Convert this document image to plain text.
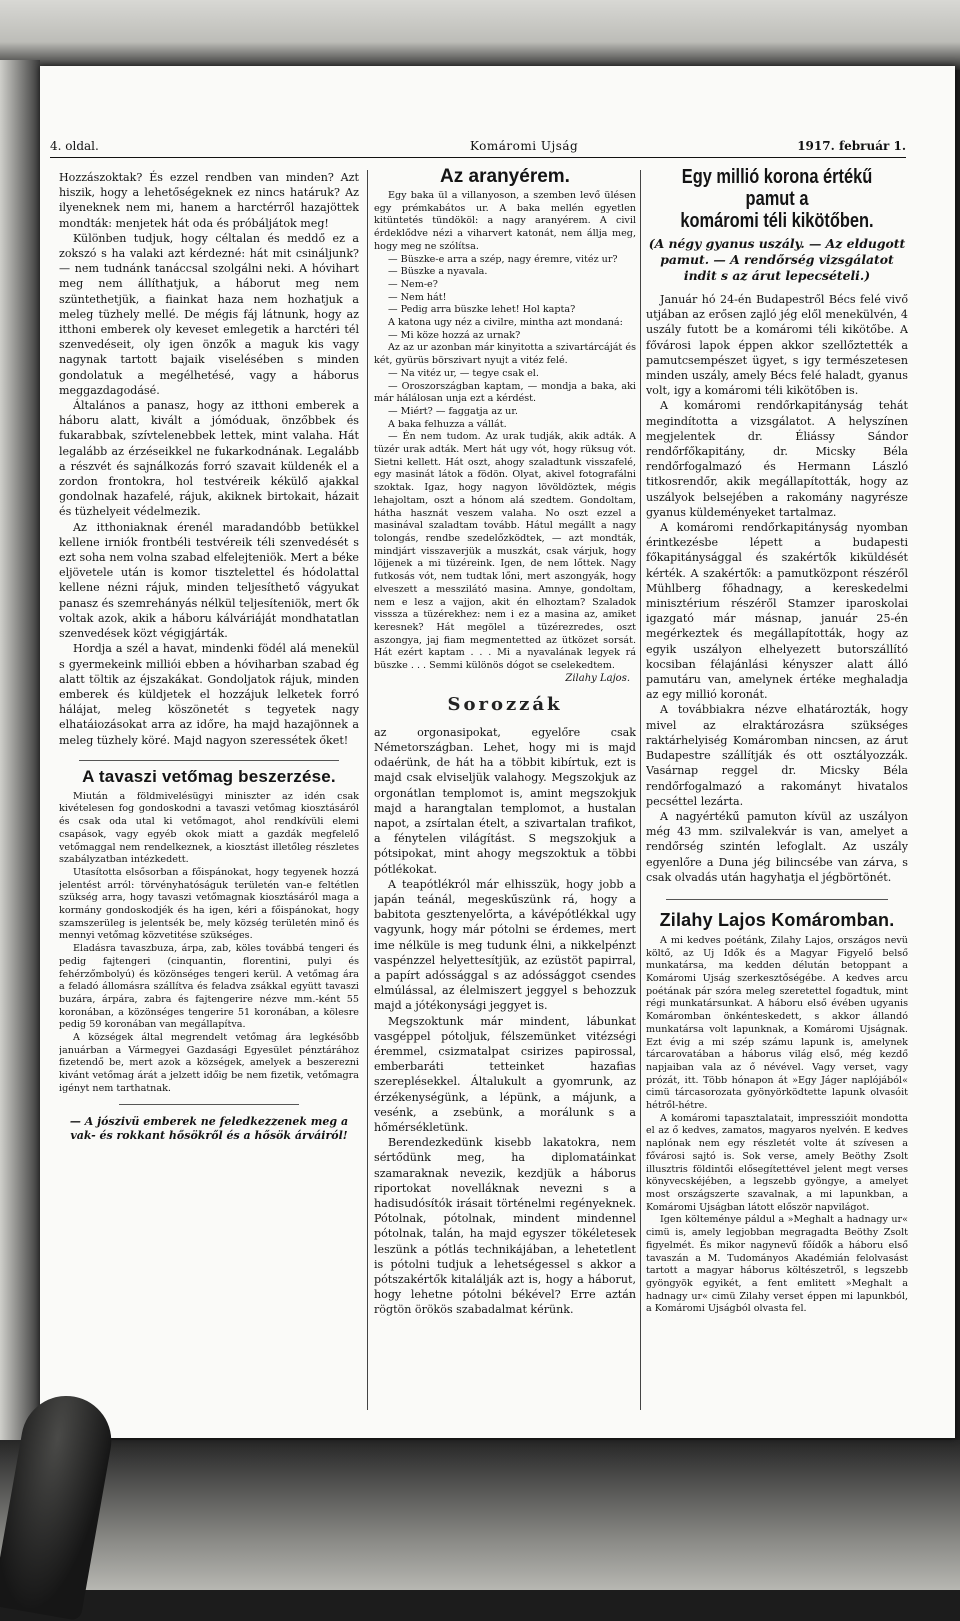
4. oldal.	Komáromi Ujság	1917. február 1.

Hozzászoktak? És ezzel rendben van minden? Azt hiszik, hogy a lehetőségeknek ez nincs határuk? Az ilyeneknek nem mi, hanem a harctérről hazajöttek mondták: menjetek hát oda és próbáljátok meg!

Különben tudjuk, hogy céltalan és meddő ez a zokszó s ha valaki azt kérdezné: hát mit csináljunk? — nem tudnánk tanáccsal szolgálni neki. A hóvihart meg nem állíthatjuk, a háborut meg nem szüntethetjük, a fiainkat haza nem hozhatjuk a meleg tüzhely mellé. De mégis fáj látnunk, hogy az itthoni emberek oly keveset emlegetik a harctéri tél szenvedéseit, oly igen önzők a maguk kis vagy nagynak tartott bajaik viselésében s minden gondolatuk a megélhetésé, vagy a háborus meggazdagodásé.

Általános a panasz, hogy az itthoni emberek a háboru alatt, kivált a jómóduak, önzőbbek és fukarabbak, szívtelenebbek lettek, mint valaha. Hát legalább az érzéseikkel ne fukarkodnának. Legalább a részvét és sajnálkozás forró szavait küldenék el a zordon frontokra, hol testvéreik kékülő ajakkal gondolnak hazafelé, rájuk, akiknek birtokait, házait és tüzhelyeit védelmezik.

Az itthoniaknak érenél maradandóbb betükkel kellene irniók frontbéli testvéreik téli szenvedését s ezt soha nem volna szabad elfelejteniök. Mert a béke eljövetele után is komor tisztelettel és hódolattal kellene nézni rájuk, minden teljesíthető vágyukat panasz és szemrehányás nélkül teljesíteniök, mert ők voltak azok, akik a háboru kálváriáját mondhatatlan szenvedések közt végigjárták.

Hordja a szél a havat, mindenki födél alá menekül s gyermekeink milliói ebben a hóviharban szabad ég alatt töltik az éjszakákat. Gondoljatok rájuk, minden emberek és küldjetek el hozzájuk lelketek forró hálájat, meleg köszönetét s tegyetek nagy elhatáiozásokat arra az időre, ha majd hazajönnek a meleg tüzhely köré. Majd nagyon szeressétek őket!

A tavaszi vetőmag beszerzése.

Miután a földmivelésügyi miniszter az idén csak kivételesen fog gondoskodni a tavaszi vetőmag kiosztásáról és csak oda utal ki vetőmagot, ahol rendkívüli elemi csapások, vagy egyéb okok miatt a gazdák megfelelő vetőmaggal nem rendelkeznek, a kiosztást illetőleg részletes szabályzatban intézkedett.

Utasította elsősorban a főispánokat, hogy tegyenek hozzá jelentést arról: törvényhatóságuk területén van-e feltétlen szükség arra, hogy tavaszi vetőmagnak kiosztásáról maga a kormány gondoskodjék és ha igen, kéri a főispánokat, hogy szamszerüleg is jelentsék be, mely község területén minő és mennyi vetőmag közvetitése szükséges.

Eladásra tavaszbuza, árpa, zab, köles továbbá tengeri és pedig fajtengeri (cinquantin, florentini, pulyi és fehérzőmbolyú) és közönséges tengeri kerül. A vetőmag ára a feladó állomásra szállítva és feladva zsákkal együtt tavaszi buzára, árpára, zabra és fajtengerire nézve mm.-ként 55 koronában, a közönséges tengerire 51 koronában, a kölesre pedig 59 koronában van megállapítva.

A községek által megrendelt vetőmag ára legkésőbb januárban a Vármegyei Gazdasági Egyesület pénztárához fizetendő be, mert azok a községek, amelyek a beszerezni kivánt vetőmag árát a jelzett időig be nem fizetik, vetőmagra igényt nem tarthatnak.

— A jószivü emberek ne feledkezzenek meg a vak- és rokkant hősökről és a hősök árváiról!

Az aranyérem.

Egy baka ül a villanyoson, a szemben levő ülésen egy prémkabátos ur. A baka mellén egyetlen kitüntetés tündököl: a nagy aranyérem. A civil érdeklődve nézi a viharvert katonát, nem állja meg, hogy meg ne szólítsa.

— Büszke-e arra a szép, nagy éremre, vitéz ur?

— Büszke a nyavala.

— Nem-e?

— Nem hát!

— Pedig arra büszke lehet! Hol kapta?

A katona ugy néz a civilre, mintha azt mondaná:

— Mi köze hozzá az urnak?

Az az ur azonban már kinyitotta a szivartárcáját és két, gyürüs börszivart nyujt a vitéz felé.

— Na vitéz ur, — tegye csak el.

— Oroszországban kaptam, — mondja a baka, aki már hálálosan unja ezt a kérdést.

— Miért? — faggatja az ur.

A baka felhuzza a vállát.

— Én nem tudom. Az urak tudják, akik adták. A tüzér urak adták. Mert hát ugy vót, hogy rüksug vót. Sietni kellett. Hát oszt, ahogy szaladtunk visszafelé, egy masinát látok a födön. Olyat, akivel fotografálni szoktak. Igaz, hogy nagyon lövöldöztek, mégis lehajoltam, oszt a hónom alá szedtem. Gondoltam, hátha hasznát veszem valaha. No oszt ezzel a masinával szaladtam tovább. Hátul megállt a nagy tolongás, rendbe szedelőzködtek, — azt mondták, mindjárt visszaverjük a muszkát, csak várjuk, hogy löjjenek a mi tüzéreink. Igen, de nem lőttek. Nagy futkosás vót, nem tudtak lőni, mert aszongyák, hogy elveszett a messzilátó masina. Amnye, gondoltam, nem e lesz a vajjon, akit én elhoztam? Szaladok visssza a tüzérekhez: nem i ez a masina az, amiket keresnek? Hát megölel a tüzérezredes, oszt aszongya, jaj fiam megmentetted az ütközet sorsát. Hát ezért kaptam . . . Mi a nyavalának legyek rá büszke . . . Semmi különös dógot se cselekedtem.

Zilahy Lajos.

Sorozzák

az orgonasipokat, egyelőre csak Németországban. Lehet, hogy mi is majd odaérünk, de hát ha a többit kibírtuk, ezt is majd csak elviseljük valahogy. Megszokjuk az orgonátlan templomot is, amint megszokjuk majd a harangtalan templomot, a hustalan napot, a zsírtalan ételt, a szivartalan trafikot, a fénytelen világítást. S megszokjuk a pótsipokat, mint ahogy megszoktuk a többi pótlékokat.

A teapótlékról már elhisszük, hogy jobb a japán teánál, megeskűszünk rá, hogy a babitota gesztenyelőrta, a kávépótlékkal ugy vagyunk, hogy már pótolni se érdemes, mert ime nélküle is meg tudunk élni, a nikkelpénzt vaspénzzel helyettesítjük, az ezüstöt papirral, a papírt adóssággal s az adóssággot csendes elmúlással, az élelmiszert jeggyel s behozzuk majd a jótékonysági jeggyet is.

Megszoktunk már mindent, lábunkat vasgéppel pótoljuk, félszemünket vitézségi éremmel, csizmatalpat csirizes papirossal, emberbaráti tetteinket hazafias szereplésekkel. Általukult a gyomrunk, az érzékenységünk, a lépünk, a májunk, a vesénk, a zsebünk, a morálunk s a hőmérsékletünk.

Berendezkedünk kisebb lakatokra, nem sértődünk meg, ha diplomatáinkat szamaraknak nevezik, kezdjük a háborus riportokat novelláknak nevezni s a hadisudósítók irásait történelmi regényeknek. Pótolnak, pótolnak, mindent mindennel pótolnak, talán, ha majd egyszer tökéletesek leszünk a pótlás technikájában, a lehetetlent is pótolni tudjuk a lehetségessel s akkor a pótszakértők kitalálják azt is, hogy a háborut, hogy lehetne pótolni békével? Erre aztán rögtön örökös szabadalmat kérünk.

Egy millió korona értékű pamut a

komáromi téli kikötőben.

(A négy gyanus uszály. — Az eldugott pamut. — A rendőrség vizsgálatot indit s az árut lepecsételi.)

Január hó 24-én Budapestről Bécs felé vivő utjában az erősen zajló jég elől menekülvén, 4 uszály futott be a komáromi téli kikötőbe. A fővárosi lapok éppen akkor szellőztették a pamutcsempészet ügyet, s igy természetesen minden uszály, amely Bécs felé haladt, gyanus volt, igy a komáromi téli kikötőben is.

A komáromi rendőrkapitányság tehát megindította a vizsgálatot. A helyszínen megjelentek dr. Éliássy Sándor rendőrfőkapitány, dr. Micsky Béla rendőrfogalmazó és Hermann László titkosrendőr, akik megállapították, hogy az uszályok belsejében a rakomány nagyrésze gyanus küldeményeket tartalmaz.

A komáromi rendőrkapitányság nyomban érintkezésbe lépett a budapesti főkapitánysággal és szakértők kiküldését kérték. A szakértők: a pamutközpont részéről Mühlberg főhadnagy, a kereskedelmi minisztérium részéről Stamzer iparoskolai igazgató már másnap, január 25-én megérkeztek és megállapították, hogy az egyik uszályon elhelyezett butorszállító kocsiban félajánlási kényszer alatt álló pamutáru van, amelynek értéke meghaladja az egy millió koronát.

A továbbiakra nézve elhatározták, hogy mivel az elraktározásra szükséges raktárhelyiség Komáromban nincsen, az árut Budapestre szállítják és ott osztályozzák. Vasárnap reggel dr. Micsky Béla rendőrfogalmazó a rakományt hivatalos pecséttel lezárta.

A nagyértékű pamuton kívül az uszályon még 43 mm. szilvalekvár is van, amelyet a rendőrség szintén lefoglalt. Az uszály egyenlőre a Duna jég bilincsébe van zárva, s csak olvadás után hagyhatja el jégbörtönét.

Zilahy Lajos Komáromban.

A mi kedves poétánk, Zilahy Lajos, országos nevü költő, az Uj Idők és a Magyar Figyelő belső munkatársa, ma kedden délután betoppant a Komáromi Ujság szerkesztőségébe. A kedves arcu poétának pár szóra meleg szeretettel fogadtuk, mint régi munkatársunkat. A háboru első évében ugyanis Komáromban önkénteskedett, s akkor állandó munkatársa volt lapunknak, a Komáromi Ujságnak. Ezt évig a mi szép számu lapunk is, amelynek tárcarovatában a háborus világ első, még kezdő napjaiban vala az ő névével. Vagy verset, vagy prózát, itt. Több hónapon át »Egy Jáger naplójából« cimü tárcasorozata gyönyörködtette lapunk olvasóit hétről-hétre.

A komáromi tapasztalatait, impresszióit mondotta el az ő kedves, zamatos, magyaros nyelvén. E kedves naplónak nem egy részletét volte át szívesen a fővárosi sajtó is. Sok verse, amely Beöthy Zsolt illusztris földintői elősegítettével jelent megt verses könyvecskéjében, a legszebb gyöngye, a amelyet most országszerte szavalnak, a mi lapunkban, a Komáromi Ujságban látott először napvilágot.

Igen költeménye páldul a »Meghalt a hadnagy ur« cimü is, amely legjobban megragadta Beöthy Zsolt figyelmét. És mikor nagynevű főídők a háboru első tavaszán a M. Tudományos Akadémián felolvasást tartott a magyar háborus költészetről, s legszebb gyöngyök egyikét, a fent emlitett »Meghalt a hadnagy ur« cimü Zilahy verset éppen mi lapunkból, a Komáromi Ujságból olvasta fel.
